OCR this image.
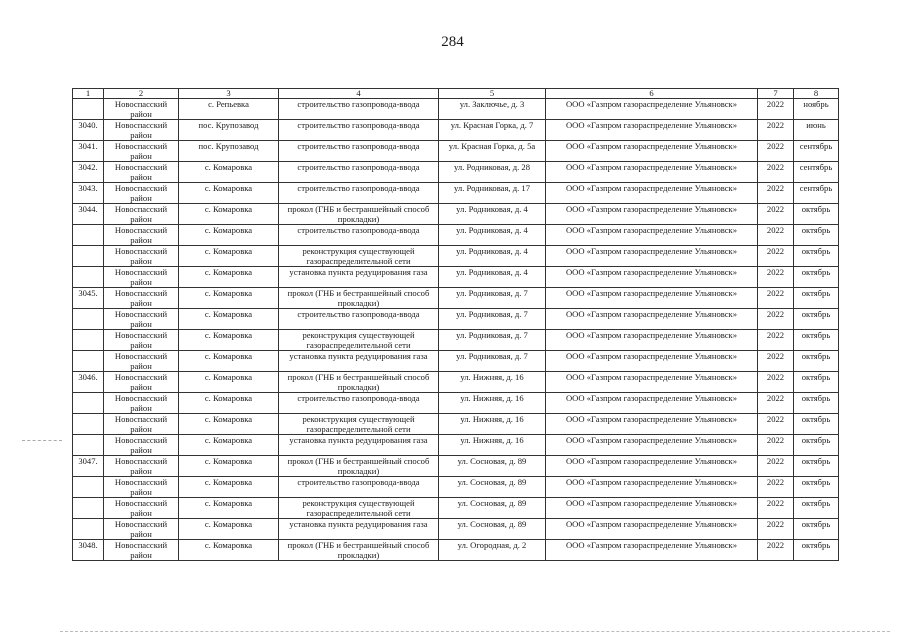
284
1	2	3	4	5	6	7	8
	Новоспасский район	с. Репьевка	строительство газопровода-ввода	ул. Заключье, д. 3	ООО «Газпром газораспределение Ульяновск»	2022	ноябрь
3040.	Новоспасский район	пос. Крупозавод	строительство газопровода-ввода	ул. Красная Горка, д. 7	ООО «Газпром газораспределение Ульяновск»	2022	июнь
3041.	Новоспасский район	пос. Крупозавод	строительство газопровода-ввода	ул. Красная Горка, д. 5а	ООО «Газпром газораспределение Ульяновск»	2022	сентябрь
3042.	Новоспасский район	с. Комаровка	строительство газопровода-ввода	ул. Родниковая, д. 28	ООО «Газпром газораспределение Ульяновск»	2022	сентябрь
3043.	Новоспасский район	с. Комаровка	строительство газопровода-ввода	ул. Родниковая, д. 17	ООО «Газпром газораспределение Ульяновск»	2022	сентябрь
3044.	Новоспасский район	с. Комаровка	прокол (ГНБ и бестраншейный способ прокладки)	ул. Родниковая, д. 4	ООО «Газпром газораспределение Ульяновск»	2022	октябрь
	Новоспасский район	с. Комаровка	строительство газопровода-ввода	ул. Родниковая, д. 4	ООО «Газпром газораспределение Ульяновск»	2022	октябрь
	Новоспасский район	с. Комаровка	реконструкция существующей газораспределительной сети	ул. Родниковая, д. 4	ООО «Газпром газораспределение Ульяновск»	2022	октябрь
	Новоспасский район	с. Комаровка	установка пункта редуцирования газа	ул. Родниковая, д. 4	ООО «Газпром газораспределение Ульяновск»	2022	октябрь
3045.	Новоспасский район	с. Комаровка	прокол (ГНБ и бестраншейный способ прокладки)	ул. Родниковая, д. 7	ООО «Газпром газораспределение Ульяновск»	2022	октябрь
	Новоспасский район	с. Комаровка	строительство газопровода-ввода	ул. Родниковая, д. 7	ООО «Газпром газораспределение Ульяновск»	2022	октябрь
	Новоспасский район	с. Комаровка	реконструкция существующей газораспределительной сети	ул. Родниковая, д. 7	ООО «Газпром газораспределение Ульяновск»	2022	октябрь
	Новоспасский район	с. Комаровка	установка пункта редуцирования газа	ул. Родниковая, д. 7	ООО «Газпром газораспределение Ульяновск»	2022	октябрь
3046.	Новоспасский район	с. Комаровка	прокол (ГНБ и бестраншейный способ прокладки)	ул. Нижняя, д. 16	ООО «Газпром газораспределение Ульяновск»	2022	октябрь
	Новоспасский район	с. Комаровка	строительство газопровода-ввода	ул. Нижняя, д. 16	ООО «Газпром газораспределение Ульяновск»	2022	октябрь
	Новоспасский район	с. Комаровка	реконструкция существующей газораспределительной сети	ул. Нижняя, д. 16	ООО «Газпром газораспределение Ульяновск»	2022	октябрь
	Новоспасский район	с. Комаровка	установка пункта редуцирования газа	ул. Нижняя, д. 16	ООО «Газпром газораспределение Ульяновск»	2022	октябрь
3047.	Новоспасский район	с. Комаровка	прокол (ГНБ и бестраншейный способ прокладки)	ул. Сосновая, д. 89	ООО «Газпром газораспределение Ульяновск»	2022	октябрь
	Новоспасский район	с. Комаровка	строительство газопровода-ввода	ул. Сосновая, д. 89	ООО «Газпром газораспределение Ульяновск»	2022	октябрь
	Новоспасский район	с. Комаровка	реконструкция существующей газораспределительной сети	ул. Сосновая, д. 89	ООО «Газпром газораспределение Ульяновск»	2022	октябрь
	Новоспасский район	с. Комаровка	установка пункта редуцирования газа	ул. Сосновая, д. 89	ООО «Газпром газораспределение Ульяновск»	2022	октябрь
3048.	Новоспасский район	с. Комаровка	прокол (ГНБ и бестраншейный способ прокладки)	ул. Огородная, д. 2	ООО «Газпром газораспределение Ульяновск»	2022	октябрь
